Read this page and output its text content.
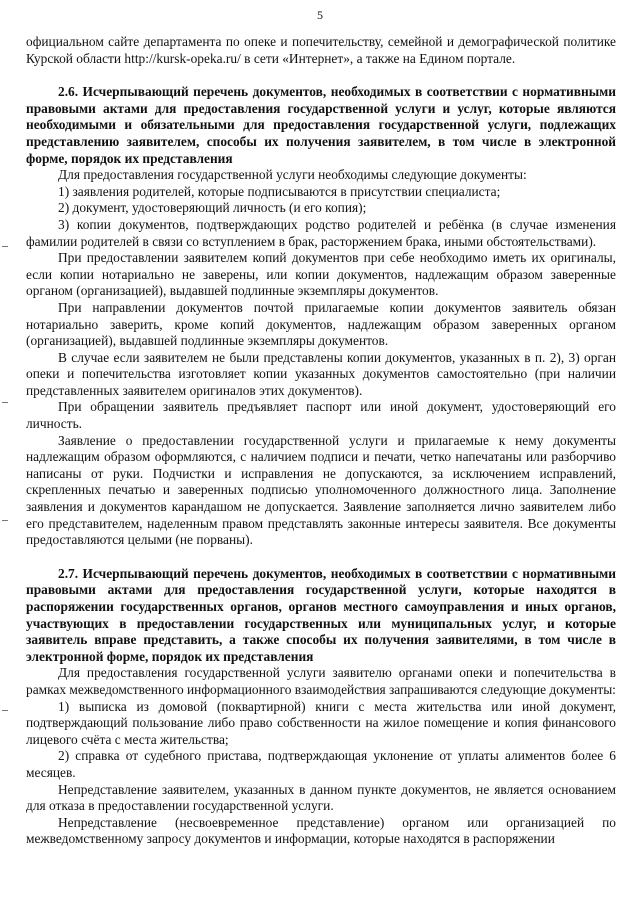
5

официальном сайте департамента по опеке и попечительству, семейной и демографической политике Курской области http://kursk-opeka.ru/ в сети «Интернет», а также на Едином портале.

2.6. Исчерпывающий перечень документов, необходимых в соответствии с нормативными правовыми актами для предоставления государственной услуги и услуг, которые являются необходимыми и обязательными для предоставления государственной услуги, подлежащих представлению заявителем, способы их получения заявителем, в том числе в электронной форме, порядок их представления

Для предоставления государственной услуги необходимы следующие документы:

1) заявления родителей, которые подписываются в присутствии специалиста;

2) документ, удостоверяющий личность (и его копия);

3) копии документов, подтверждающих родство родителей и ребёнка (в случае изменения фамилии родителей в связи со вступлением в брак, расторжением брака, иными обстоятельствами).

При предоставлении заявителем копий документов при себе необходимо иметь их оригиналы, если копии нотариально не заверены, или копии документов, надлежащим образом заверенные органом (организацией), выдавшей подлинные экземпляры документов.

При направлении документов почтой прилагаемые копии документов заявитель обязан нотариально заверить, кроме копий документов, надлежащим образом заверенных органом (организацией), выдавшей подлинные экземпляры документов.

В случае если заявителем не были представлены копии документов, указанных в п. 2), 3) орган опеки и попечительства изготовляет копии указанных документов самостоятельно (при наличии представленных заявителем оригиналов этих документов).

При обращении заявитель предъявляет паспорт или иной документ, удостоверяющий его личность.

Заявление о предоставлении государственной услуги и прилагаемые к нему документы надлежащим образом оформляются, с наличием подписи и печати, четко напечатаны или разборчиво написаны от руки. Подчистки и исправления не допускаются, за исключением исправлений, скрепленных печатью и заверенных подписью уполномоченного должностного лица. Заполнение заявления и документов карандашом не допускается. Заявление заполняется лично заявителем либо его представителем, наделенным правом представлять законные интересы заявителя. Все документы предоставляются целыми (не порваны).

2.7. Исчерпывающий перечень документов, необходимых в соответствии с нормативными правовыми актами для предоставления государственной услуги, которые находятся в распоряжении государственных органов, органов местного самоуправления и иных органов, участвующих в предоставлении государственных или муниципальных услуг, и которые заявитель вправе представить, а также способы их получения заявителями, в том числе в электронной форме, порядок их представления

Для предоставления государственной услуги заявителю органами опеки и попечительства в рамках межведомственного информационного взаимодействия запрашиваются следующие документы:

1) выписка из домовой (поквартирной) книги с места жительства или иной документ, подтверждающий пользование либо право собственности на жилое помещение и копия финансового лицевого счёта с места жительства;

2) справка от судебного пристава, подтверждающая уклонение от уплаты алиментов более 6 месяцев.

Непредставление заявителем, указанных в данном пункте документов, не является основанием для отказа в предоставлении государственной услуги.

Непредставление (несвоевременное представление) органом или организацией по межведомственному запросу документов и информации, которые находятся в распоряжении
